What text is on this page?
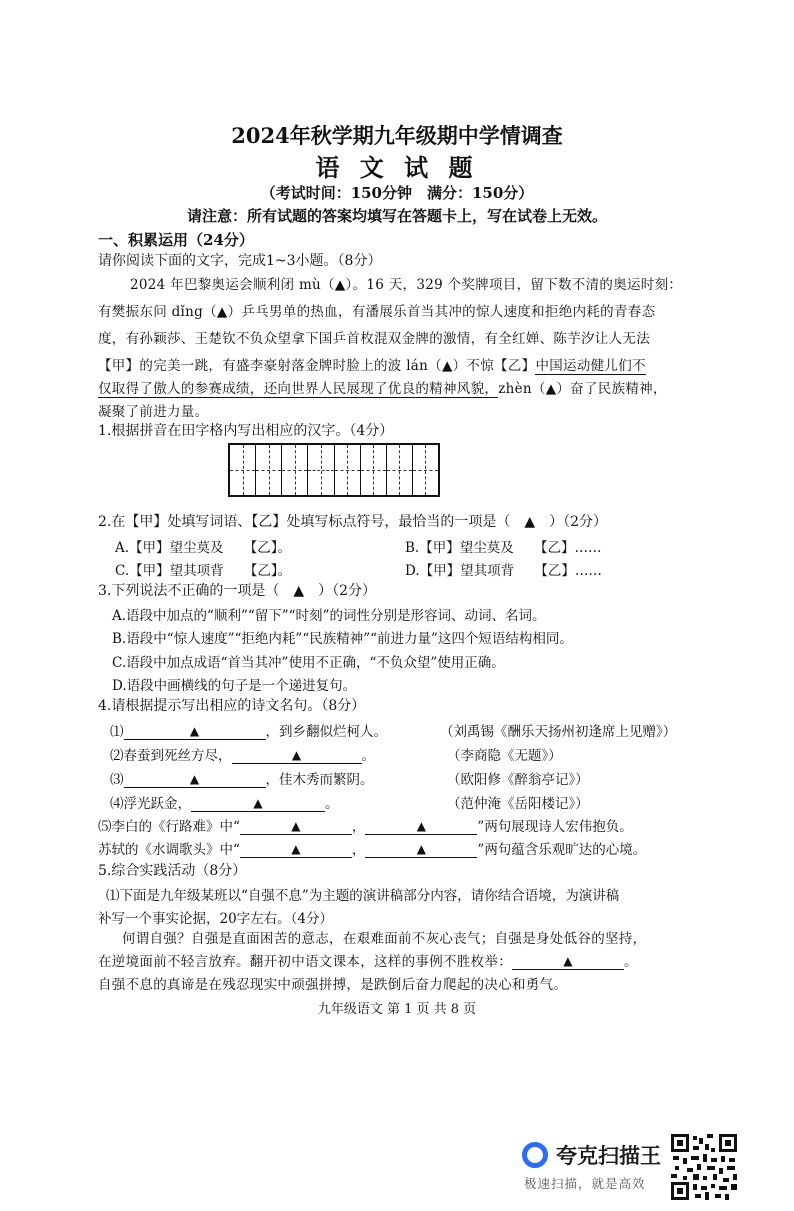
2024年秋学期九年级期中学情调查
语 文 试 题
（考试时间：150分钟　满分：150分）
请注意：所有试题的答案均填写在答题卡上，写在试卷上无效。
一、积累运用（24分）
请你阅读下面的文字，完成1~3小题。（8分）
2024 年巴黎奥运会顺利闭 mù（▲）。16 天，329 个奖牌项目，留下数不清的奥运时刻：
有樊振东问 dǐng（▲）乒乓男单的热血，有潘展乐首当其冲的惊人速度和拒绝内耗的青春态
度，有孙颖莎、王楚钦不负众望拿下国乒首枚混双金牌的激情，有全红婵、陈芋汐让人无法
【甲】的完美一跳，有盛李豪射落金牌时脸上的波 lán（▲）不惊【乙】中国运动健儿们不
仅取得了傲人的参赛成绩，还向世界人民展现了优良的精神风貌，zhèn（▲）奋了民族精神，
凝聚了前进力量。
1.根据拼音在田字格内写出相应的汉字。（4分）
2.在【甲】处填写词语、【乙】处填写标点符号，最恰当的一项是（　▲　）（2分）
A.【甲】望尘莫及　　【乙】。	B.【甲】望尘莫及　　【乙】……
C.【甲】望其项背　　【乙】。	D.【甲】望其项背　　【乙】……
3.下列说法不正确的一项是（　▲　）（2分）
A.语段中加点的“顺利”“留下”“时刻”的词性分别是形容词、动词、名词。
B.语段中“惊人速度”“拒绝内耗”“民族精神”“前进力量”这四个短语结构相同。
C.语段中加点成语“首当其冲”使用不正确，“不负众望”使用正确。
D.语段中画横线的句子是一个递进复句。
4.请根据提示写出相应的诗文名句。（8分）
⑴	▲	，到乡翻似烂柯人。	（刘禹锡《酬乐天扬州初逢席上见赠》）
⑵春蚕到死丝方尽，	▲	。	（李商隐《无题》）
⑶	▲	，佳木秀而繁阴。	（欧阳修《醉翁亭记》）
⑷浮光跃金，	▲	。	（范仲淹《岳阳楼记》）
⑸李白的《行路难》中“	▲	，	▲	”两句展现诗人宏伟抱负。
苏轼的《水调歌头》中“	▲	，	▲	”两句蕴含乐观旷达的心境。
5.综合实践活动（8分）
⑴下面是九年级某班以“自强不息”为主题的演讲稿部分内容，请你结合语境，为演讲稿
补写一个事实论据，20字左右。（4分）
何谓自强？自强是直面困苦的意志，在艰难面前不灰心丧气；自强是身处低谷的坚持，
在逆境面前不轻言放弃。翻开初中语文课本，这样的事例不胜枚举：	▲	。
自强不息的真谛是在残忍现实中顽强拼搏，是跌倒后奋力爬起的决心和勇气。
九年级语文 第 1 页 共 8 页
夸克扫描王
极速扫描，就是高效
